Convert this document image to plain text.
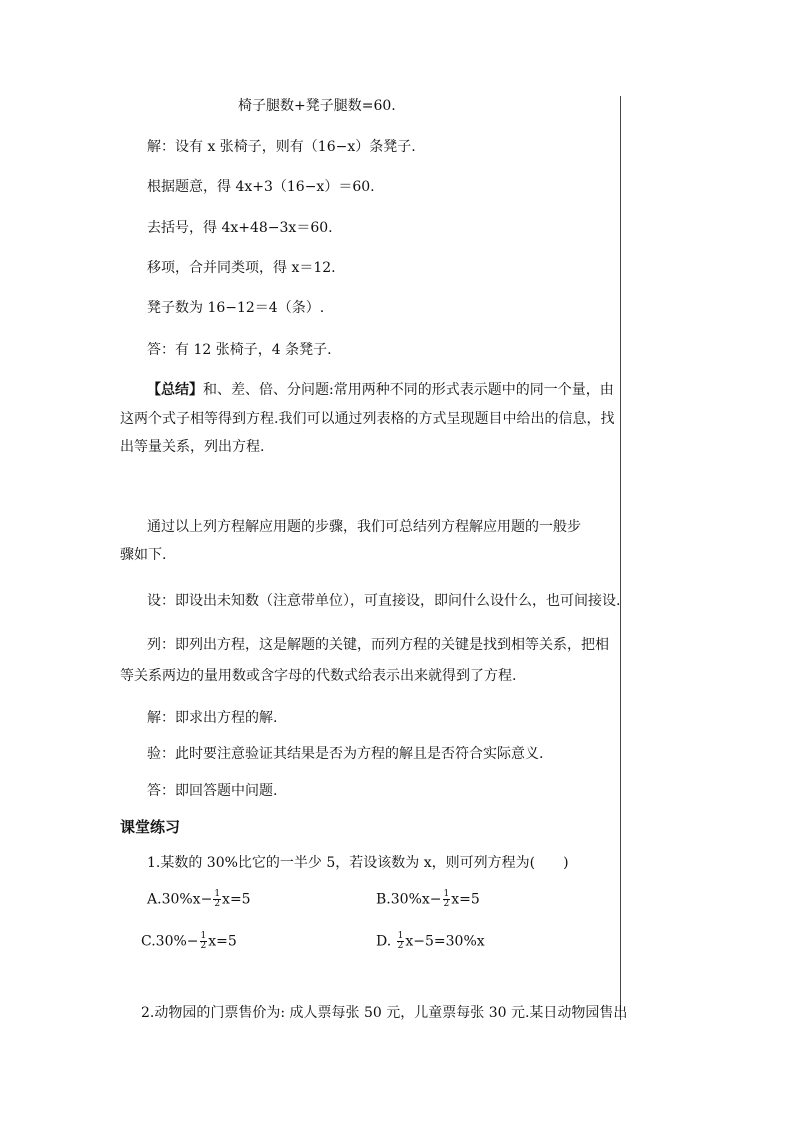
椅子腿数+凳子腿数=60.
解：设有 x 张椅子，则有（16−x）条凳子.
根据题意，得 4x+3（16−x）＝60.
去括号，得 4x+48−3x＝60.
移项，合并同类项，得 x＝12.
凳子数为 16−12＝4（条）.
答：有 12 张椅子，4 条凳子.
【总结】和、差、倍、分问题:常用两种不同的形式表示题中的同一个量，由
这两个式子相等得到方程.我们可以通过列表格的方式呈现题目中给出的信息，找
出等量关系，列出方程.
通过以上列方程解应用题的步骤，我们可总结列方程解应用题的一般步
骤如下.
设：即设出未知数（注意带单位），可直接设，即问什么设什么，也可间接设.
列：即列出方程，这是解题的关键，而列方程的关键是找到相等关系，把相
等关系两边的量用数或含字母的代数式给表示出来就得到了方程.
解：即求出方程的解.
验：此时要注意验证其结果是否为方程的解且是否符合实际意义.
答：即回答题中问题.
课堂练习
1.某数的 30%比它的一半少 5，若设该数为 x，则可列方程为(　　)
$A.30\%x- \frac{1}{2} x=5$	$B.30\%x- \frac{1}{2} x=5$
$C.30\%- \frac{1}{2} x=5$	D. $\frac{1}{2} x-5=30\%x$
2.动物园的门票售价为: 成人票每张 50 元，儿童票每张 30 元.某日动物园售出
